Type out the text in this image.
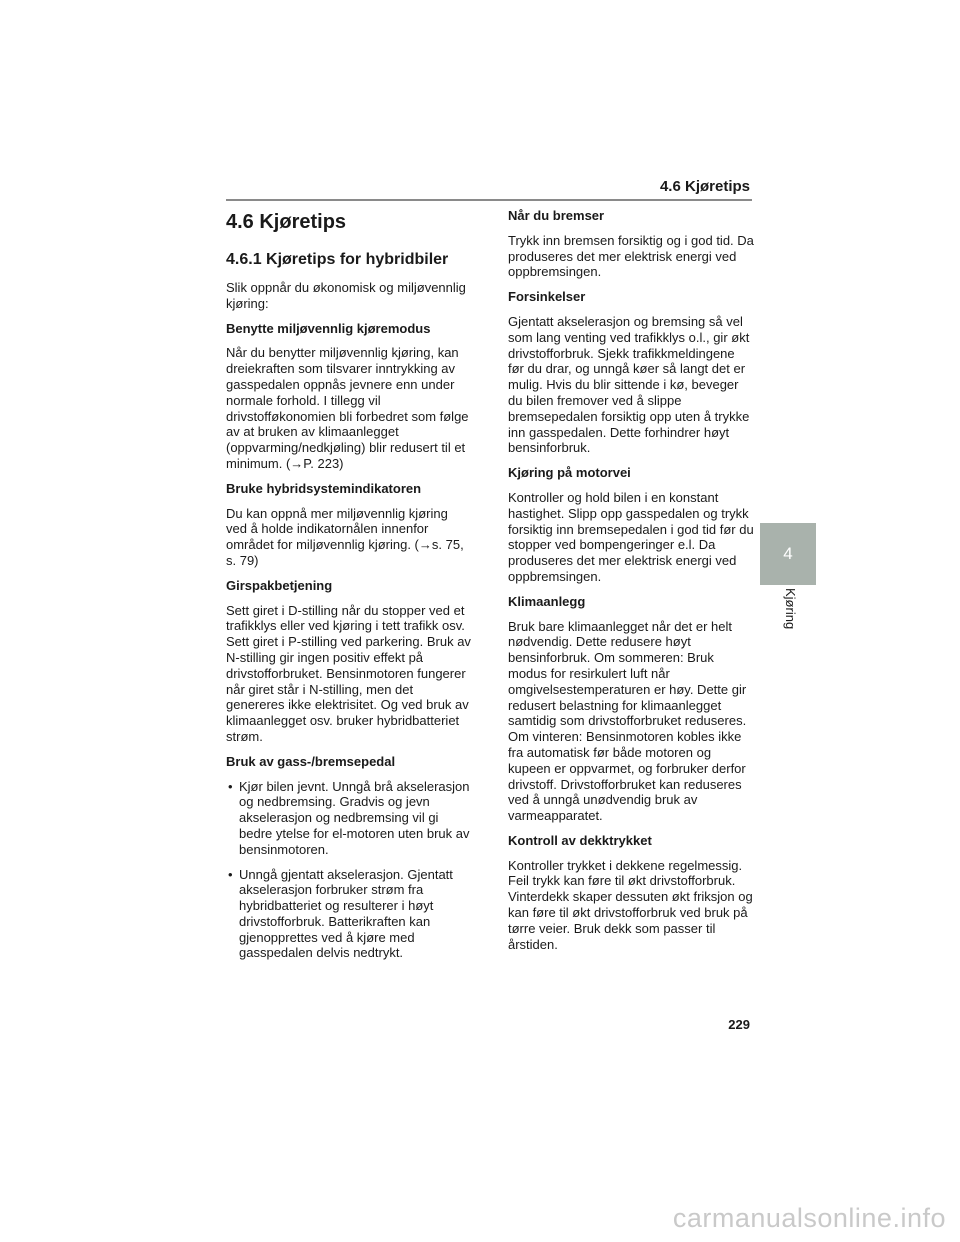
4.6 Kjøretips
4.6 Kjøretips
4.6.1 Kjøretips for hybridbiler

Slik oppnår du økonomisk og miljøvennlig kjøring:

Benytte miljøvennlig kjøremodus

Når du benytter miljøvennlig kjøring, kan dreiekraften som tilsvarer inntrykking av gasspedalen oppnås jevnere enn under normale forhold. I tillegg vil drivstofføkonomien bli forbedret som følge av at bruken av klimaanlegget (oppvarming/nedkjøling) blir redusert til et minimum. (→P. 223)

Bruke hybridsystemindikatoren

Du kan oppnå mer miljøvennlig kjøring ved å holde indikatornålen innenfor området for miljøvennlig kjøring. (→s. 75, s. 79)

Girspakbetjening

Sett giret i D-stilling når du stopper ved et trafikklys eller ved kjøring i tett trafikk osv. Sett giret i P-stilling ved parkering. Bruk av N-stilling gir ingen positiv effekt på drivstofforbruket. Bensinmotoren fungerer når giret står i N-stilling, men det genereres ikke elektrisitet. Og ved bruk av klimaanlegget osv. bruker hybridbatteriet strøm.

Bruk av gass-/bremsepedal
• Kjør bilen jevnt. Unngå brå akselerasjon og nedbremsing. Gradvis og jevn akselerasjon og nedbremsing vil gi bedre ytelse for el-motoren uten bruk av bensinmotoren.
• Unngå gjentatt akselerasjon. Gjentatt akselerasjon forbruker strøm fra hybridbatteriet og resulterer i høyt drivstofforbruk. Batterikraften kan gjenopprettes ved å kjøre med gasspedalen delvis nedtrykt.
Når du bremser

Trykk inn bremsen forsiktig og i god tid. Da produseres det mer elektrisk energi ved oppbremsingen.

Forsinkelser

Gjentatt akselerasjon og bremsing så vel som lang venting ved trafikklys o.l., gir økt drivstofforbruk. Sjekk trafikkmeldingene før du drar, og unngå køer så langt det er mulig. Hvis du blir sittende i kø, beveger du bilen fremover ved å slippe bremsepedalen forsiktig opp uten å trykke inn gasspedalen. Dette forhindrer høyt bensinforbruk.

Kjøring på motorvei

Kontroller og hold bilen i en konstant hastighet. Slipp opp gasspedalen og trykk forsiktig inn bremsepedalen i god tid før du stopper ved bompengeringer e.l. Da produseres det mer elektrisk energi ved oppbremsingen.

Klimaanlegg

Bruk bare klimaanlegget når det er helt nødvendig. Dette redusere høyt bensinforbruk. Om sommeren: Bruk modus for resirkulert luft når omgivelsestemperaturen er høy. Dette gir redusert belastning for klimaanlegget samtidig som drivstofforbruket reduseres. Om vinteren: Bensinmotoren kobles ikke fra automatisk før både motoren og kupeen er oppvarmet, og forbruker derfor drivstoff. Drivstofforbruket kan reduseres ved å unngå unødvendig bruk av varmeapparatet.

Kontroll av dekktrykket

Kontroller trykket i dekkene regelmessig. Feil trykk kan føre til økt drivstofforbruk. Vinterdekk skaper dessuten økt friksjon og kan føre til økt drivstofforbruk ved bruk på tørre veier. Bruk dekk som passer til årstiden.

4
Kjøring
229
carmanualsonline.info
